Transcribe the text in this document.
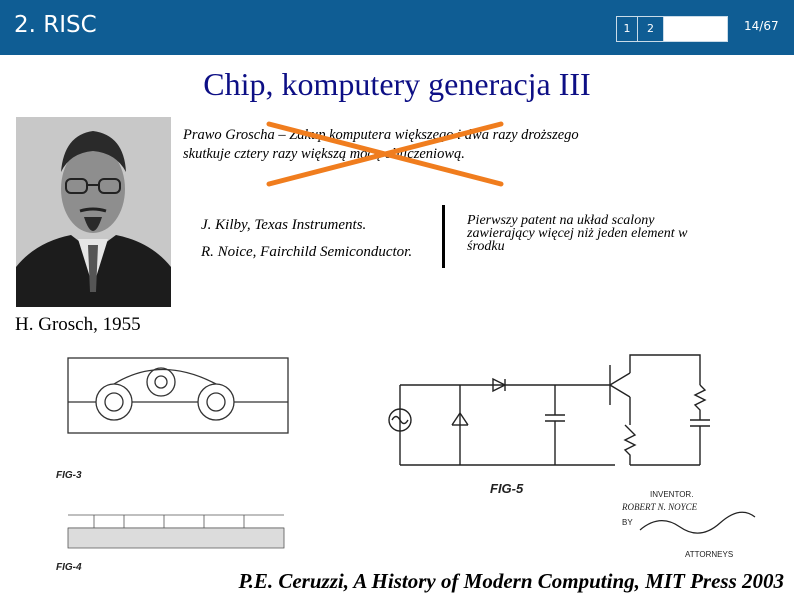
2. RISC	1	2	14/67
Chip, komputery generacja III
Prawo Groscha – Zakup komputera większego i dwa razy droższego skutkuje cztery razy większą mocą obliczeniową.
J. Kilby, Texas Instruments.
R. Noice, Fairchild Semiconductor.
Pierwszy patent na układ scalony zawierający więcej niż jeden element w środku
H. Grosch, 1955
FIG-3
FIG-4
FIG-5	INVENTOR.
ROBERT N. NOYCE
BY
ATTORNEYS
P.E. Ceruzzi, A History of Modern Computing, MIT Press 2003
